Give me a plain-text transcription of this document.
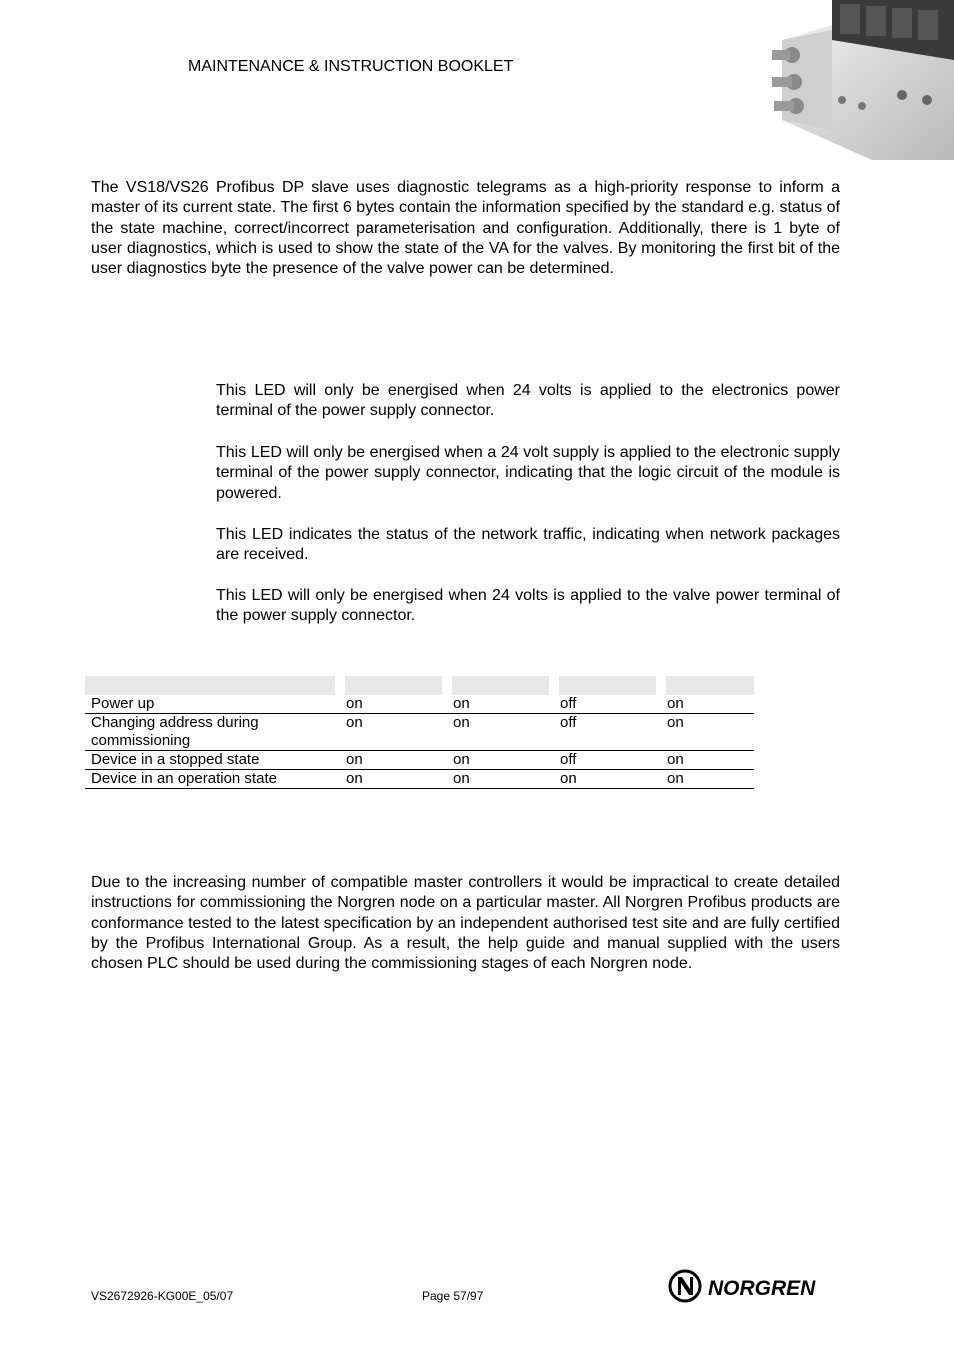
MAINTENANCE & INSTRUCTION BOOKLET
The VS18/VS26 Profibus DP slave uses diagnostic telegrams as a high-priority response to inform a master of its current state. The first 6 bytes contain the information specified by the standard e.g. status of the state machine, correct/incorrect parameterisation and configuration. Additionally, there is 1 byte of user diagnostics, which is used to show the state of the VA for the valves. By monitoring the first bit of the user diagnostics byte the presence of the valve power can be determined.
This LED will only be energised when 24 volts is applied to the electronics power terminal of the power supply connector.
This LED will only be energised when a 24 volt supply is applied to the electronic supply terminal of the power supply connector, indicating that the logic circuit of the module is powered.
This LED indicates the status of the network traffic, indicating when network packages are received.
This LED will only be energised when 24 volts is applied to the valve power terminal of the power supply connector.

Power up	on	on	off	on
Changing address during commissioning	on	on	off	on
Device in a stopped state	on	on	off	on
Device in an operation state	on	on	on	on
Due to the increasing number of compatible master controllers it would be impractical to create detailed instructions for commissioning the Norgren node on a particular master. All Norgren Profibus products are conformance tested to the latest specification by an independent authorised test site and are fully certified by the Profibus International Group. As a result, the help guide and manual supplied with the users chosen PLC should be used during the commissioning stages of each Norgren node.
VS2672926-KG00E_05/07	Page 57/97	NORGREN
